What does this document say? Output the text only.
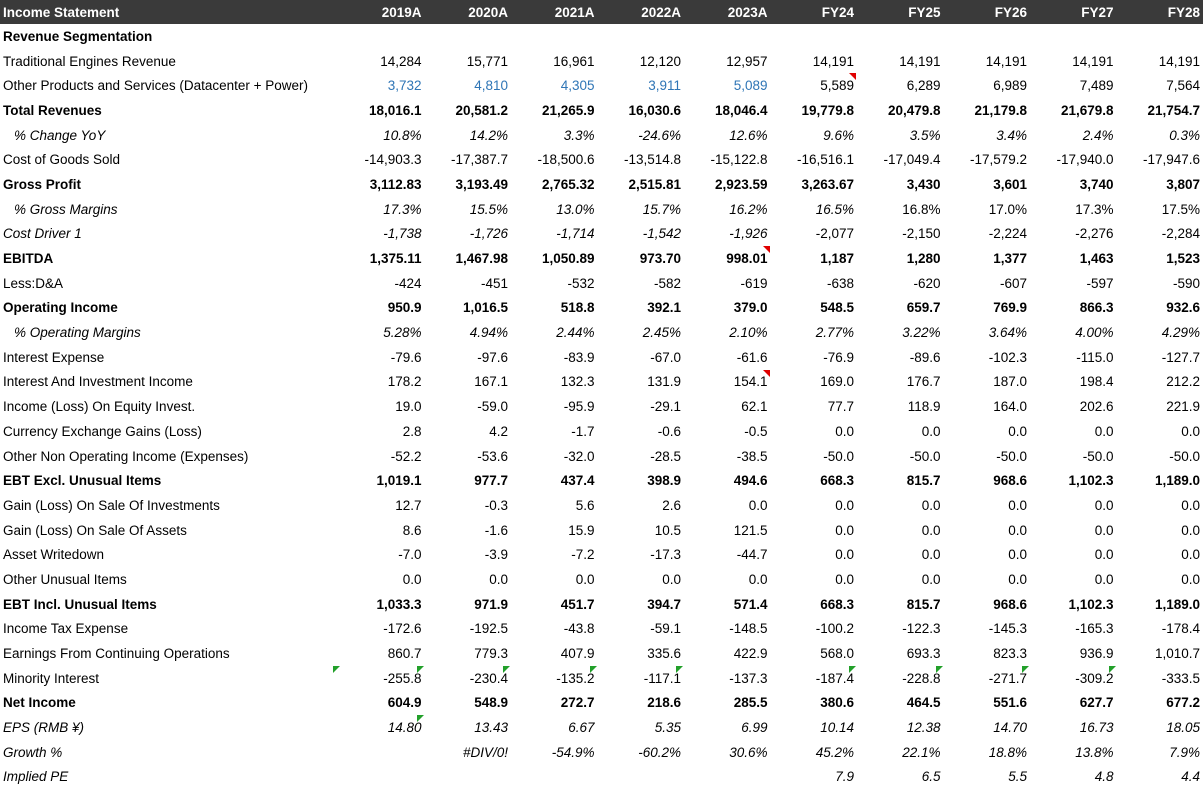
Income Statement	2019A	2020A	2021A	2022A	2023A	FY24	FY25	FY26	FY27	FY28
Revenue Segmentation										
Traditional Engines Revenue	14,284	15,771	16,961	12,120	12,957	14,191	14,191	14,191	14,191	14,191
Other Products and Services (Datacenter + Power)	3,732	4,810	4,305	3,911	5,089	5,589	6,289	6,989	7,489	7,564
Total Revenues	18,016.1	20,581.2	21,265.9	16,030.6	18,046.4	19,779.8	20,479.8	21,179.8	21,679.8	21,754.7
% Change YoY	10.8%	14.2%	3.3%	-24.6%	12.6%	9.6%	3.5%	3.4%	2.4%	0.3%
Cost of Goods Sold	-14,903.3	-17,387.7	-18,500.6	-13,514.8	-15,122.8	-16,516.1	-17,049.4	-17,579.2	-17,940.0	-17,947.6
Gross Profit	3,112.83	3,193.49	2,765.32	2,515.81	2,923.59	3,263.67	3,430	3,601	3,740	3,807
% Gross Margins	17.3%	15.5%	13.0%	15.7%	16.2%	16.5%	16.8%	17.0%	17.3%	17.5%
Cost Driver 1	-1,738	-1,726	-1,714	-1,542	-1,926	-2,077	-2,150	-2,224	-2,276	-2,284
EBITDA	1,375.11	1,467.98	1,050.89	973.70	998.01	1,187	1,280	1,377	1,463	1,523
Less:D&A	-424	-451	-532	-582	-619	-638	-620	-607	-597	-590
Operating Income	950.9	1,016.5	518.8	392.1	379.0	548.5	659.7	769.9	866.3	932.6
% Operating Margins	5.28%	4.94%	2.44%	2.45%	2.10%	2.77%	3.22%	3.64%	4.00%	4.29%
Interest Expense	-79.6	-97.6	-83.9	-67.0	-61.6	-76.9	-89.6	-102.3	-115.0	-127.7
Interest And Investment Income	178.2	167.1	132.3	131.9	154.1	169.0	176.7	187.0	198.4	212.2
Income (Loss) On Equity Invest.	19.0	-59.0	-95.9	-29.1	62.1	77.7	118.9	164.0	202.6	221.9
Currency Exchange Gains (Loss)	2.8	4.2	-1.7	-0.6	-0.5	0.0	0.0	0.0	0.0	0.0
Other Non Operating Income (Expenses)	-52.2	-53.6	-32.0	-28.5	-38.5	-50.0	-50.0	-50.0	-50.0	-50.0
EBT Excl. Unusual Items	1,019.1	977.7	437.4	398.9	494.6	668.3	815.7	968.6	1,102.3	1,189.0
Gain (Loss) On Sale Of Investments	12.7	-0.3	5.6	2.6	0.0	0.0	0.0	0.0	0.0	0.0
Gain (Loss) On Sale Of Assets	8.6	-1.6	15.9	10.5	121.5	0.0	0.0	0.0	0.0	0.0
Asset Writedown	-7.0	-3.9	-7.2	-17.3	-44.7	0.0	0.0	0.0	0.0	0.0
Other Unusual Items	0.0	0.0	0.0	0.0	0.0	0.0	0.0	0.0	0.0	0.0
EBT Incl. Unusual Items	1,033.3	971.9	451.7	394.7	571.4	668.3	815.7	968.6	1,102.3	1,189.0
Income Tax Expense	-172.6	-192.5	-43.8	-59.1	-148.5	-100.2	-122.3	-145.3	-165.3	-178.4
Earnings From Continuing Operations	860.7	779.3	407.9	335.6	422.9	568.0	693.3	823.3	936.9	1,010.7
Minority Interest	-255.8	-230.4	-135.2	-117.1	-137.3	-187.4	-228.8	-271.7	-309.2	-333.5
Net Income	604.9	548.9	272.7	218.6	285.5	380.6	464.5	551.6	627.7	677.2
EPS (RMB ¥)	14.80	13.43	6.67	5.35	6.99	10.14	12.38	14.70	16.73	18.05
Growth %		#DIV/0!	-54.9%	-60.2%	30.6%	45.2%	22.1%	18.8%	13.8%	7.9%
Implied PE						7.9	6.5	5.5	4.8	4.4
